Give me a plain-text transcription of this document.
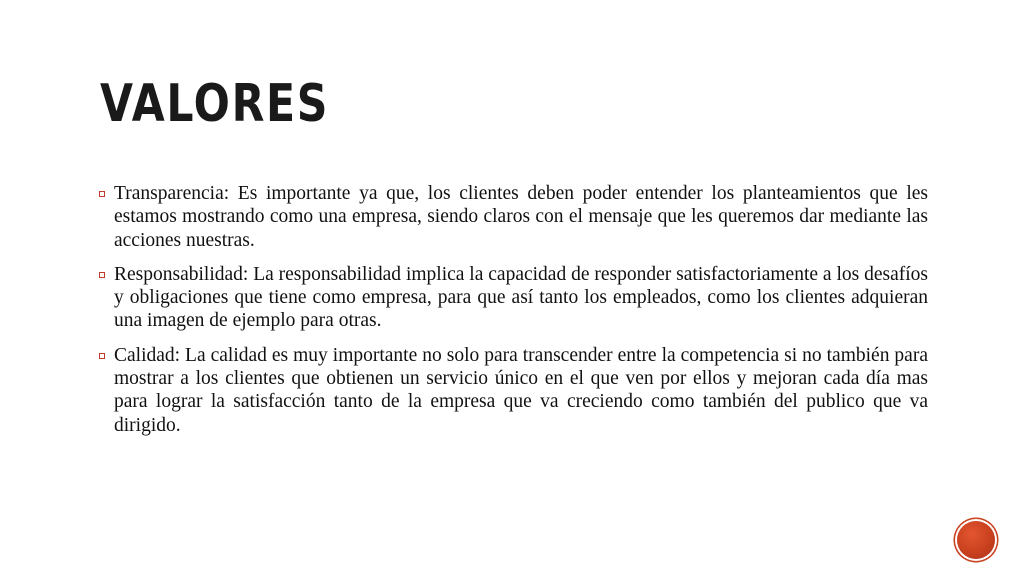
VALORES
Transparencia: Es importante ya que, los clientes deben poder entender los planteamientos que les estamos mostrando como una empresa, siendo claros con el mensaje que les queremos dar mediante las acciones nuestras.
Responsabilidad: La responsabilidad implica la capacidad de responder satisfactoriamente a los desafíos y obligaciones que tiene como empresa, para que así tanto los empleados, como los clientes adquieran una imagen de ejemplo para otras.
Calidad: La calidad es muy importante no solo para transcender entre la competencia si no también para mostrar a los clientes que obtienen un servicio único en el que ven por ellos y mejoran cada día mas para lograr la satisfacción tanto de la empresa que va creciendo como también del publico que va dirigido.
